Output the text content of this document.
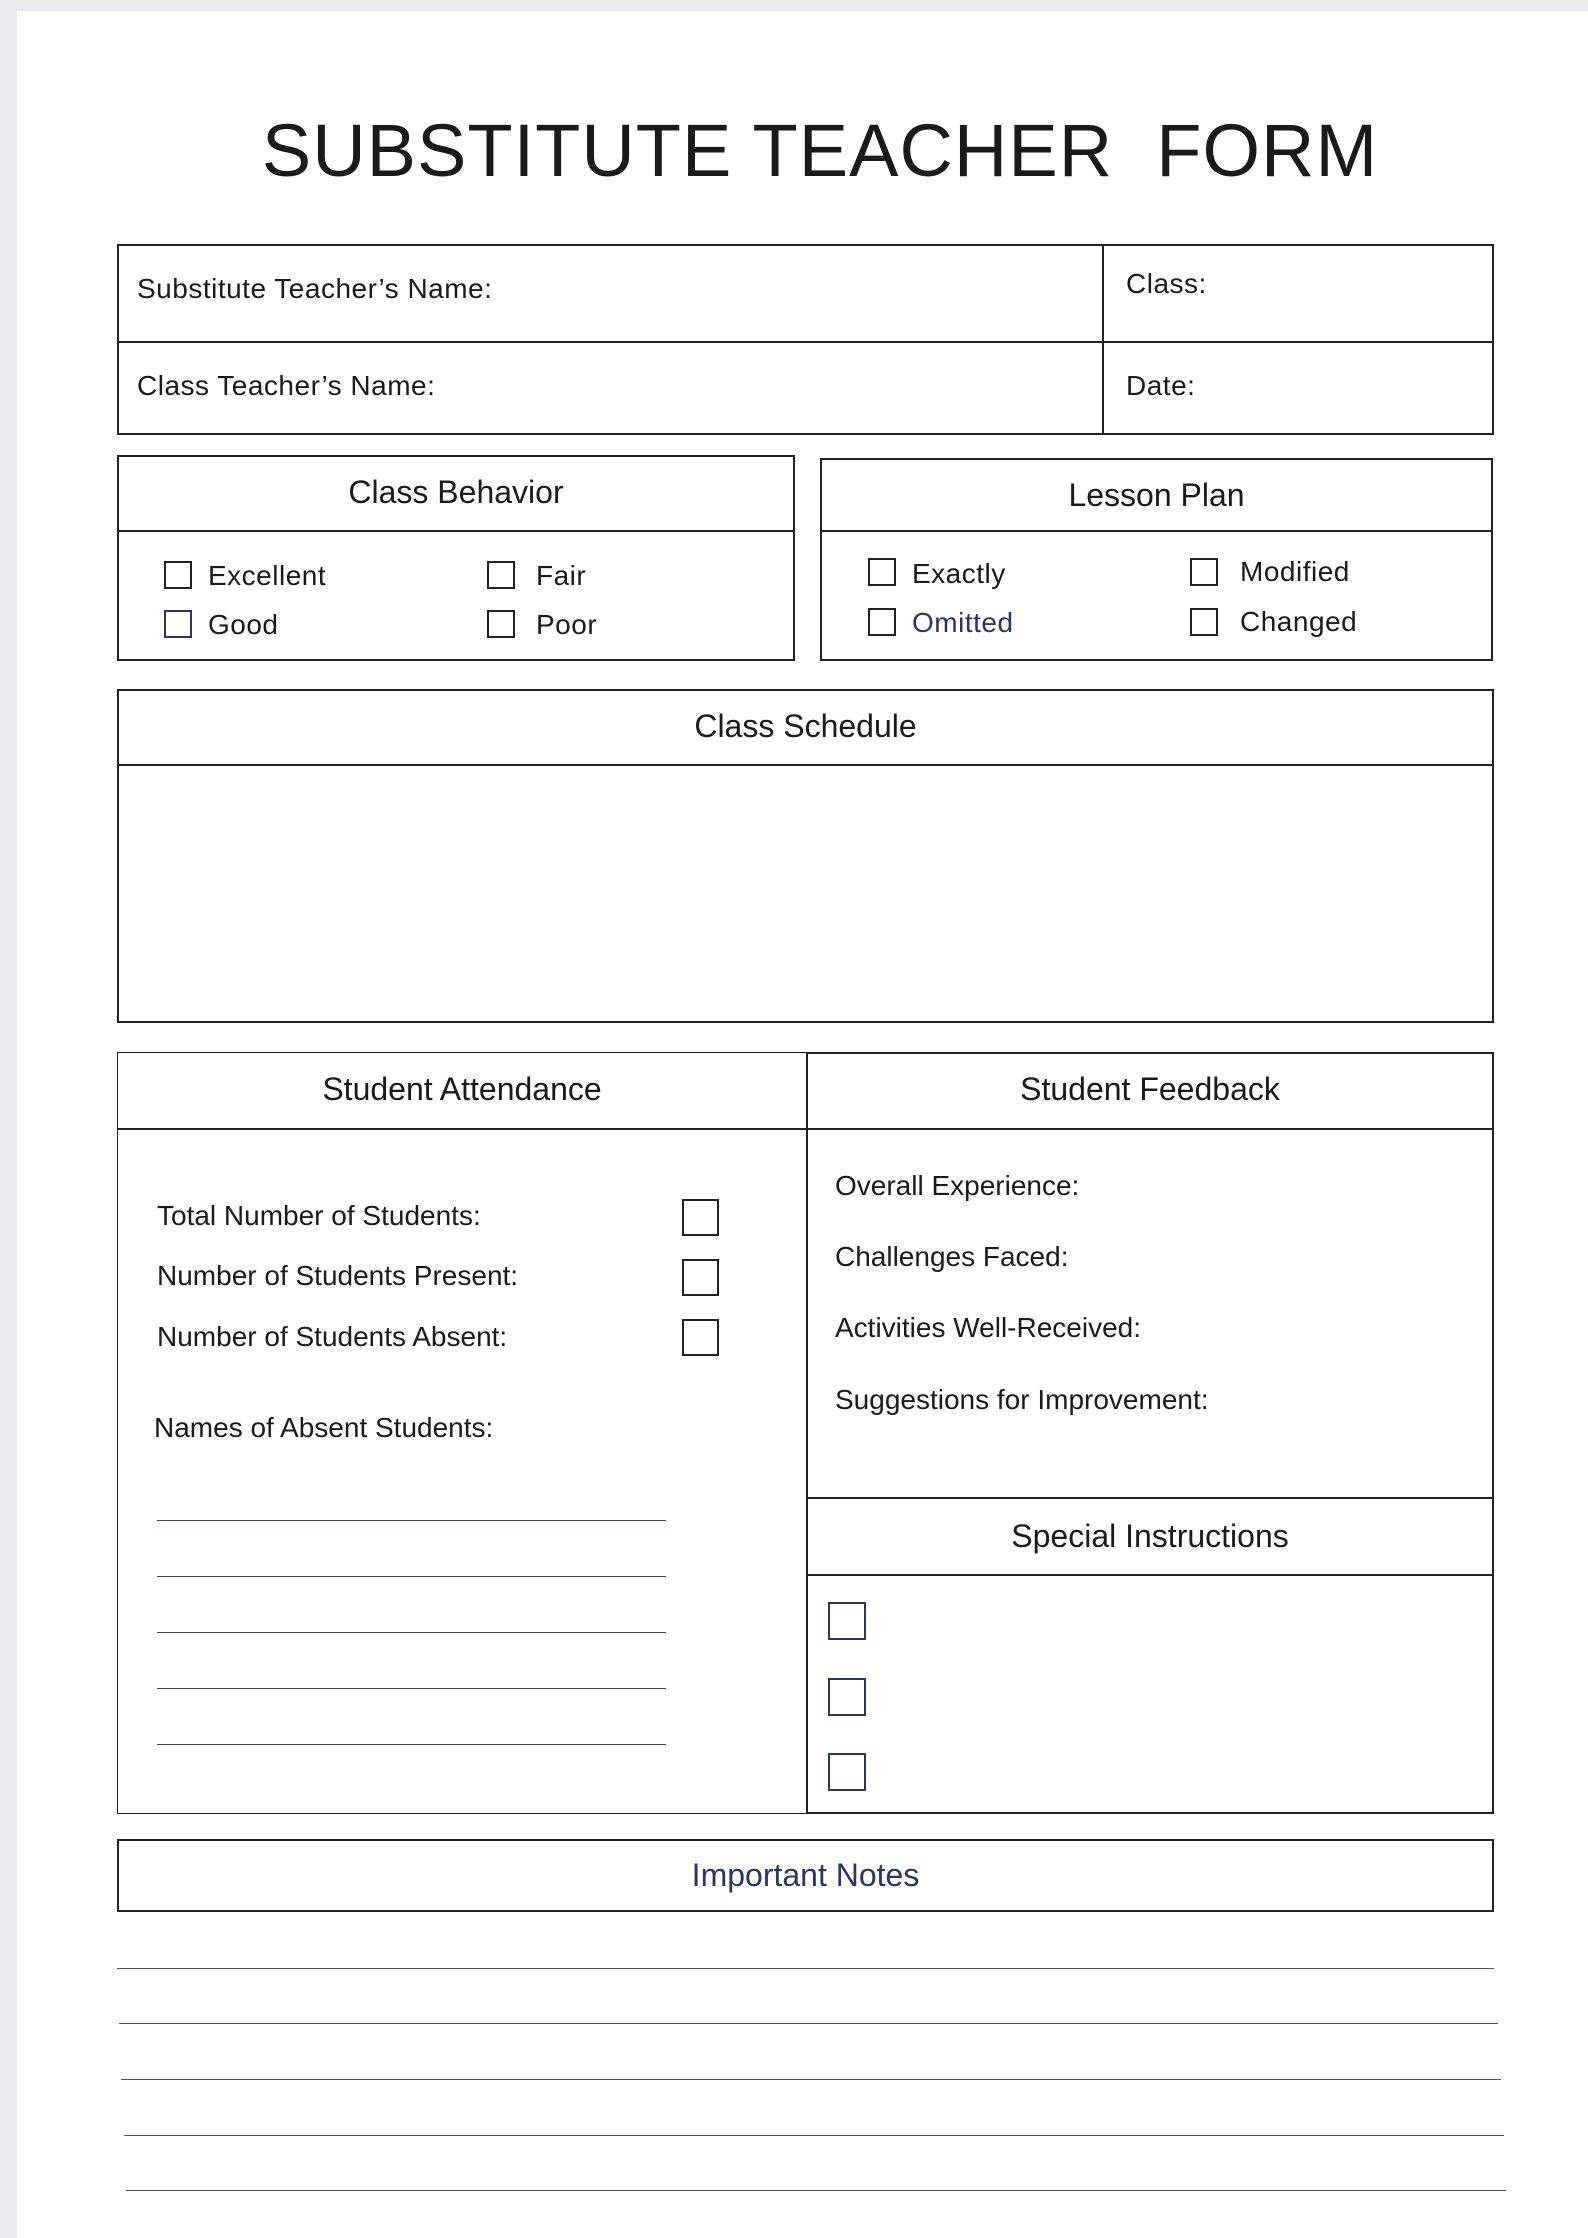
SUBSTITUTE TEACHER  FORM
Substitute Teacher’s Name:	Class:
Class Teacher’s Name:	Date:
Class Behavior
Excellent	Fair
Good	Poor
Lesson Plan
Exactly	Modified
Omitted	Changed
Class Schedule
Student Attendance
Total Number of Students:
Number of Students Present:
Number of Students Absent:
Names of Absent Students:
Student Feedback
Overall Experience:
Challenges Faced:
Activities Well-Received:
Suggestions for Improvement:
Special Instructions
Important Notes
